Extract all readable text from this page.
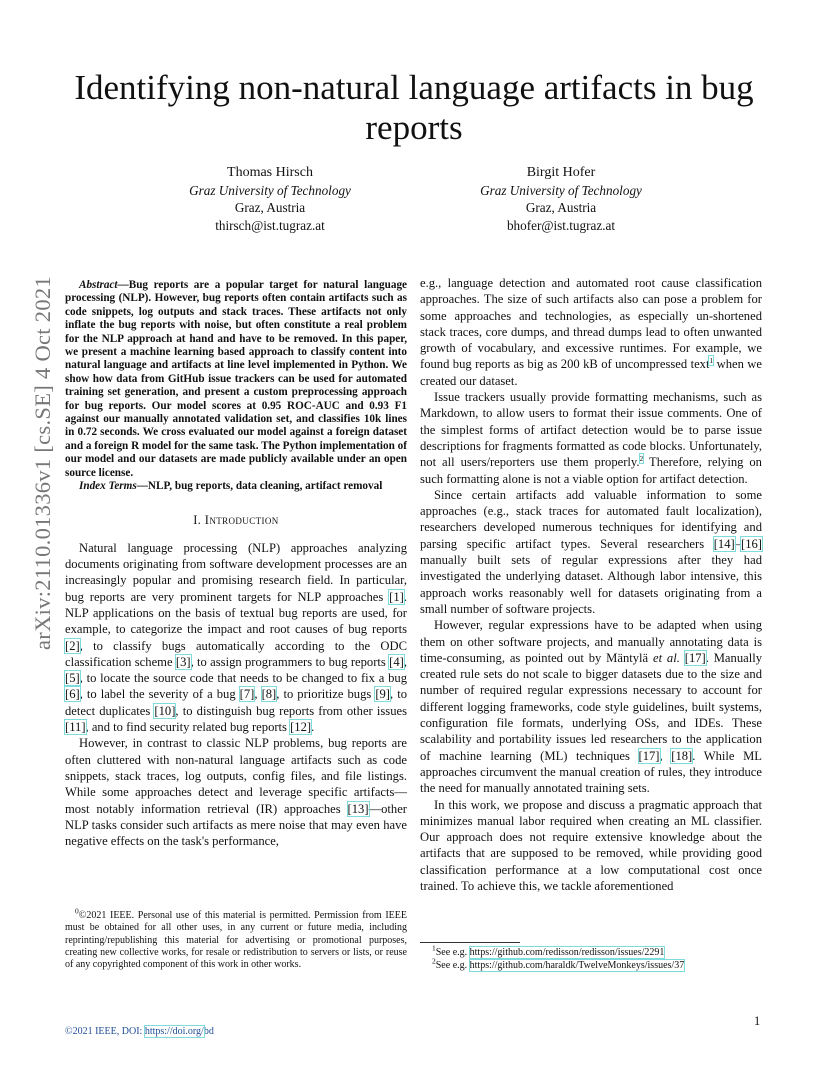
Identifying non-natural language artifacts in bug reports
Thomas Hirsch
Graz University of Technology
Graz, Austria
thirsch@ist.tugraz.at
Birgit Hofer
Graz University of Technology
Graz, Austria
bhofer@ist.tugraz.at
arXiv:2110.01336v1 [cs.SE] 4 Oct 2021	Abstract—Bug reports are a popular target for natural language processing (NLP). However, bug reports often contain artifacts such as code snippets, log outputs and stack traces. These artifacts not only inflate the bug reports with noise, but often constitute a real problem for the NLP approach at hand and have to be removed. In this paper, we present a machine learning based approach to classify content into natural language and artifacts at line level implemented in Python. We show how data from GitHub issue trackers can be used for automated training set generation, and present a custom preprocessing approach for bug reports. Our model scores at 0.95 ROC-AUC and 0.93 F1 against our manually annotated validation set, and classifies 10k lines in 0.72 seconds. We cross evaluated our model against a foreign dataset and a foreign R model for the same task. The Python implementation of our model and our datasets are made publicly available under an open source license.

Index Terms—NLP, bug reports, data cleaning, artifact removal

I. Introduction

Natural language processing (NLP) approaches analyzing documents originating from software development processes are an increasingly popular and promising research field. In particular, bug reports are very prominent targets for NLP approaches [1]. NLP applications on the basis of textual bug reports are used, for example, to categorize the impact and root causes of bug reports [2], to classify bugs automatically according to the ODC classification scheme [3], to assign programmers to bug reports [4], [5], to locate the source code that needs to be changed to fix a bug [6], to label the severity of a bug [7], [8], to prioritize bugs [9], to detect duplicates [10], to distinguish bug reports from other issues [11], and to find security related bug reports [12].

However, in contrast to classic NLP problems, bug reports are often cluttered with non-natural language artifacts such as code snippets, stack traces, log outputs, config files, and file listings. While some approaches detect and leverage specific artifacts—most notably information retrieval (IR) approaches [13]—other NLP tasks consider such artifacts as mere noise that may even have negative effects on the task's performance,

e.g., language detection and automated root cause classification approaches. The size of such artifacts also can pose a problem for some approaches and technologies, as especially un-shortened stack traces, core dumps, and thread dumps lead to often unwanted growth of vocabulary, and excessive runtimes. For example, we found bug reports as big as 200 kB of uncompressed text$^1$ when we created our dataset.

Issue trackers usually provide formatting mechanisms, such as Markdown, to allow users to format their issue comments. One of the simplest forms of artifact detection would be to parse issue descriptions for fragments formatted as code blocks. Unfortunately, not all users/reporters use them properly.$^2$ Therefore, relying on such formatting alone is not a viable option for artifact detection.

Since certain artifacts add valuable information to some approaches (e.g., stack traces for automated fault localization), researchers developed numerous techniques for identifying and parsing specific artifact types. Several researchers [14]–[16] manually built sets of regular expressions after they had investigated the underlying dataset. Although labor intensive, this approach works reasonably well for datasets originating from a small number of software projects.

However, regular expressions have to be adapted when using them on other software projects, and manually annotating data is time-consuming, as pointed out by Mäntylä et al. [17]. Manually created rule sets do not scale to bigger datasets due to the size and number of required regular expressions necessary to account for different logging frameworks, code style guidelines, built systems, configuration file formats, underlying OSs, and IDEs. These scalability and portability issues led researchers to the application of machine learning (ML) techniques [17], [18]. While ML approaches circumvent the manual creation of rules, they introduce the need for manually annotated training sets.

In this work, we propose and discuss a pragmatic approach that minimizes manual labor required when creating an ML classifier. Our approach does not require extensive knowledge about the artifacts that are supposed to be removed, while providing good classification performance at a low computational cost once trained. To achieve this, we tackle aforementioned

$^0$©2021 IEEE. Personal use of this material is permitted. Permission from IEEE must be obtained for all other uses, in any current or future media, including reprinting/republishing this material for advertising or promotional purposes, creating new collective works, for resale or redistribution to servers or lists, or reuse of any copyrighted component of this work in other works.
$^1$See e.g. https://github.com/redisson/redisson/issues/2291
$^2$See e.g. https://github.com/haraldk/TwelveMonkeys/issues/37
©2021 IEEE, DOI: https://doi.org/bd
1
